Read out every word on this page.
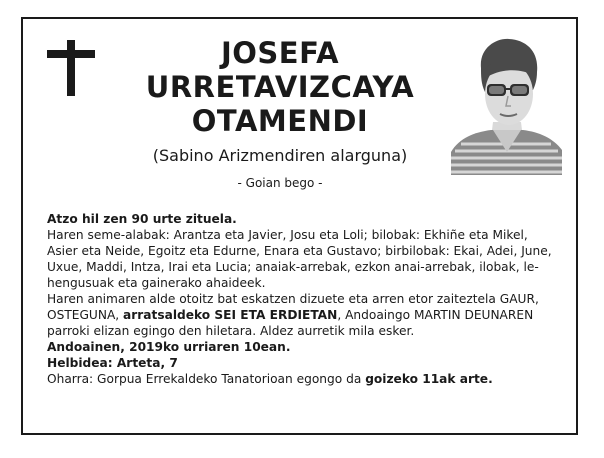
JOSEFA
URRETAVIZCAYA
OTAMENDI
(Sabino Arizmendiren alarguna)
- Goian bego -

Atzo hil zen 90 urte zituela.

Haren seme-alabak: Arantza eta Javier, Josu eta Loli; bilobak: Ekhiñe eta Mikel, Asier eta Neide, Egoitz eta Edurne, Enara eta Gustavo; birbilobak: Ekai, Adei, June, Uxue, Maddi, Intza, Irai eta Lucia; anaiak-arrebak, ezkon anai-arrebak, ilobak, le-hengusuak eta gainerako ahaideek.

Haren animaren alde otoitz bat eskatzen dizuete eta arren etor zaiteztela GAUR, OSTEGUNA, arratsaldeko SEI ETA ERDIETAN, Andoaingo MARTIN DEUNAREN parroki elizan egingo den hiletara. Aldez aurretik mila esker.

Andoainen, 2019ko urriaren 10ean.

Helbidea: Arteta, 7

Oharra: Gorpua Errekaldeko Tanatorioan egongo da goizeko 11ak arte.
